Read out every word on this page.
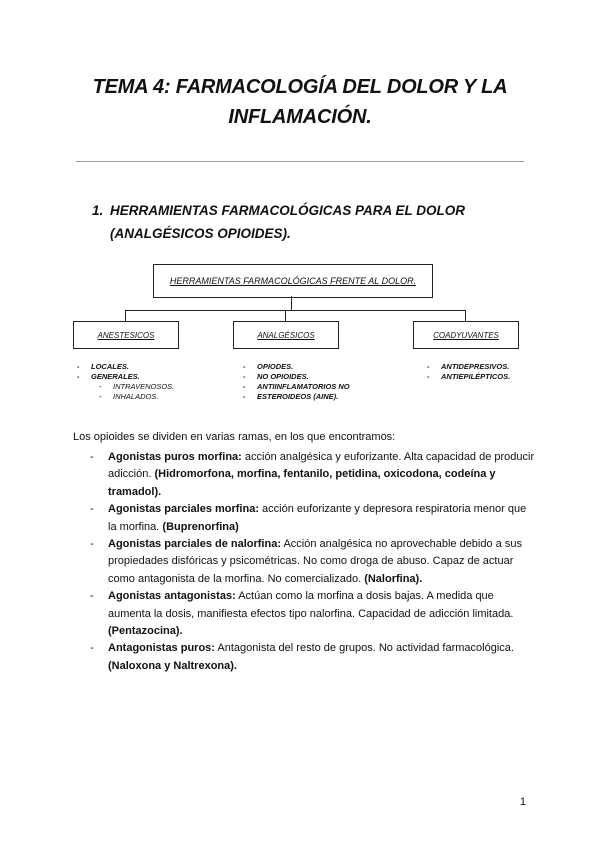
TEMA 4: FARMACOLOGÍA DEL DOLOR Y LA
INFLAMACIÓN.
1. HERRAMIENTAS FARMACOLÓGICAS PARA EL DOLOR
(ANALGÉSICOS OPIOIDES).
HERRAMIENTAS FARMACOLÓGICAS FRENTE AL DOLOR.
ANESTESICOS	ANALGÉSICOS	COADYUVANTES
- LOCALES.
- GENERALES.
- INTRAVENOSOS.
- INHALADOS.
- OPIODES.
- NO OPIOIDES.
- ANTIINFLAMATORIOS NO
- ESTEROIDEOS (AINE).
- ANTIDEPRESIVOS.
- ANTIEPILÉPTICOS.
Los opioides se dividen en varias ramas, en los que encontramos:
- Agonistas puros morfina: acción analgésica y euforizante. Alta capacidad de producir adicción. (Hidromorfona, morfina, fentanilo, petidina, oxicodona, codeína y tramadol).
- Agonistas parciales morfina: acción euforizante y depresora respiratoria menor que la morfina. (Buprenorfina)
- Agonistas parciales de nalorfina: Acción analgésica no aprovechable debido a sus propiedades disfóricas y psicométricas. No como droga de abuso. Capaz de actuar como antagonista de la morfina. No comercializado. (Nalorfina).
- Agonistas antagonistas: Actúan como la morfina a dosis bajas. A medida que aumenta la dosis, manifiesta efectos tipo nalorfina. Capacidad de adicción limitada. (Pentazocina).
- Antagonistas puros: Antagonista del resto de grupos. No actividad farmacológica. (Naloxona y Naltrexona).
1
